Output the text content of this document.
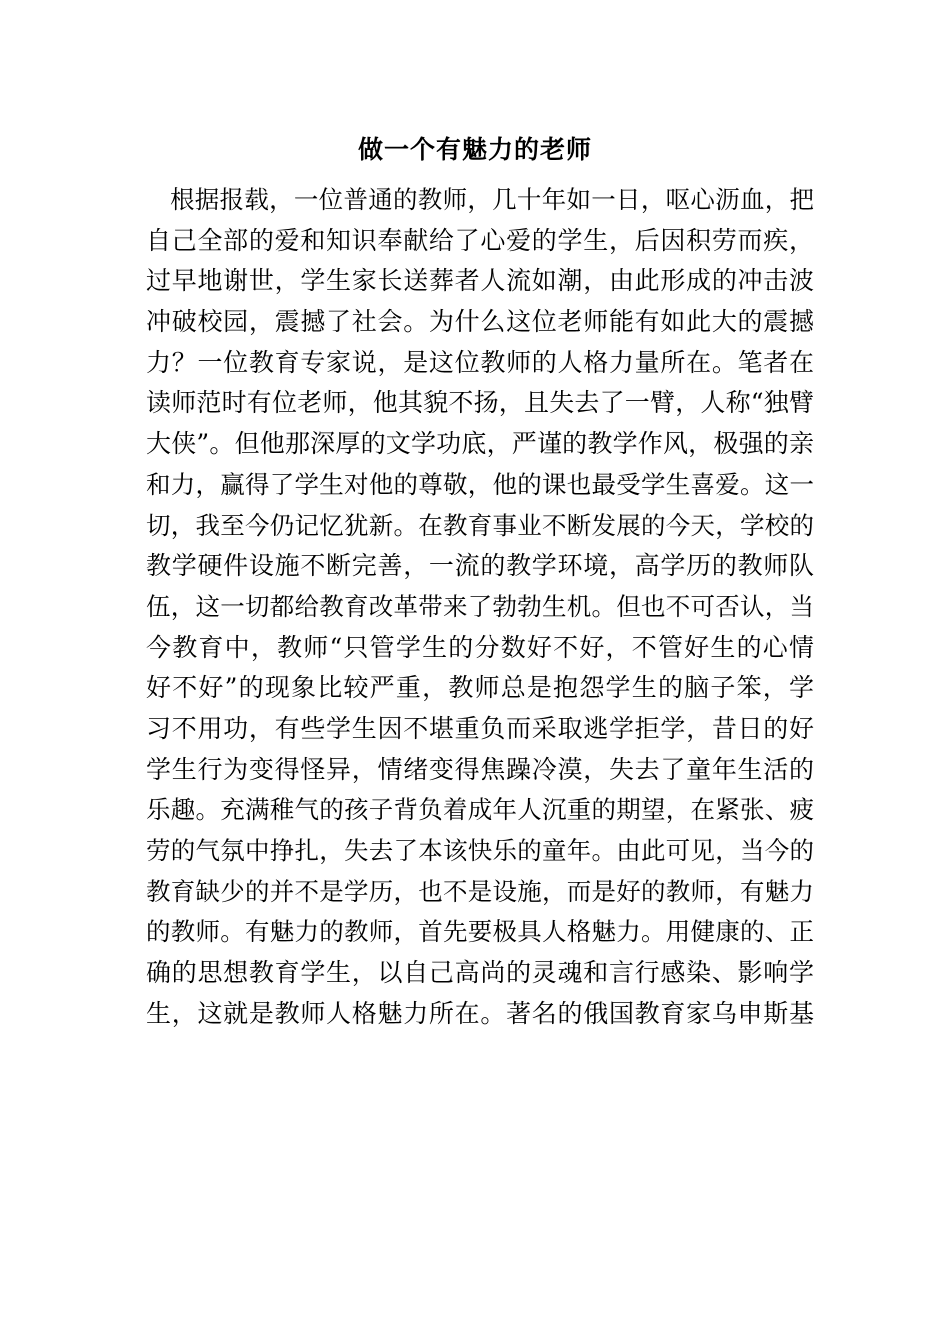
做一个有魅力的老师
根据报载，一位普通的教师，几十年如一日，呕心沥血，把
自己全部的爱和知识奉献给了心爱的学生，后因积劳而疾，
过早地谢世，学生家长送葬者人流如潮，由此形成的冲击波
冲破校园，震撼了社会。为什么这位老师能有如此大的震撼
力？一位教育专家说，是这位教师的人格力量所在。笔者在
读师范时有位老师，他其貌不扬，且失去了一臂，人称“独臂
大侠”。但他那深厚的文学功底，严谨的教学作风，极强的亲
和力，赢得了学生对他的尊敬，他的课也最受学生喜爱。这一
切，我至今仍记忆犹新。在教育事业不断发展的今天，学校的
教学硬件设施不断完善，一流的教学环境，高学历的教师队
伍，这一切都给教育改革带来了勃勃生机。但也不可否认，当
今教育中，教师“只管学生的分数好不好，不管好生的心情
好不好”的现象比较严重，教师总是抱怨学生的脑子笨，学
习不用功，有些学生因不堪重负而采取逃学拒学，昔日的好
学生行为变得怪异，情绪变得焦躁冷漠，失去了童年生活的
乐趣。充满稚气的孩子背负着成年人沉重的期望，在紧张、疲
劳的气氛中挣扎，失去了本该快乐的童年。由此可见，当今的
教育缺少的并不是学历，也不是设施，而是好的教师，有魅力
的教师。有魅力的教师，首先要极具人格魅力。用健康的、正
确的思想教育学生，以自己高尚的灵魂和言行感染、影响学
生，这就是教师人格魅力所在。著名的俄国教育家乌申斯基
